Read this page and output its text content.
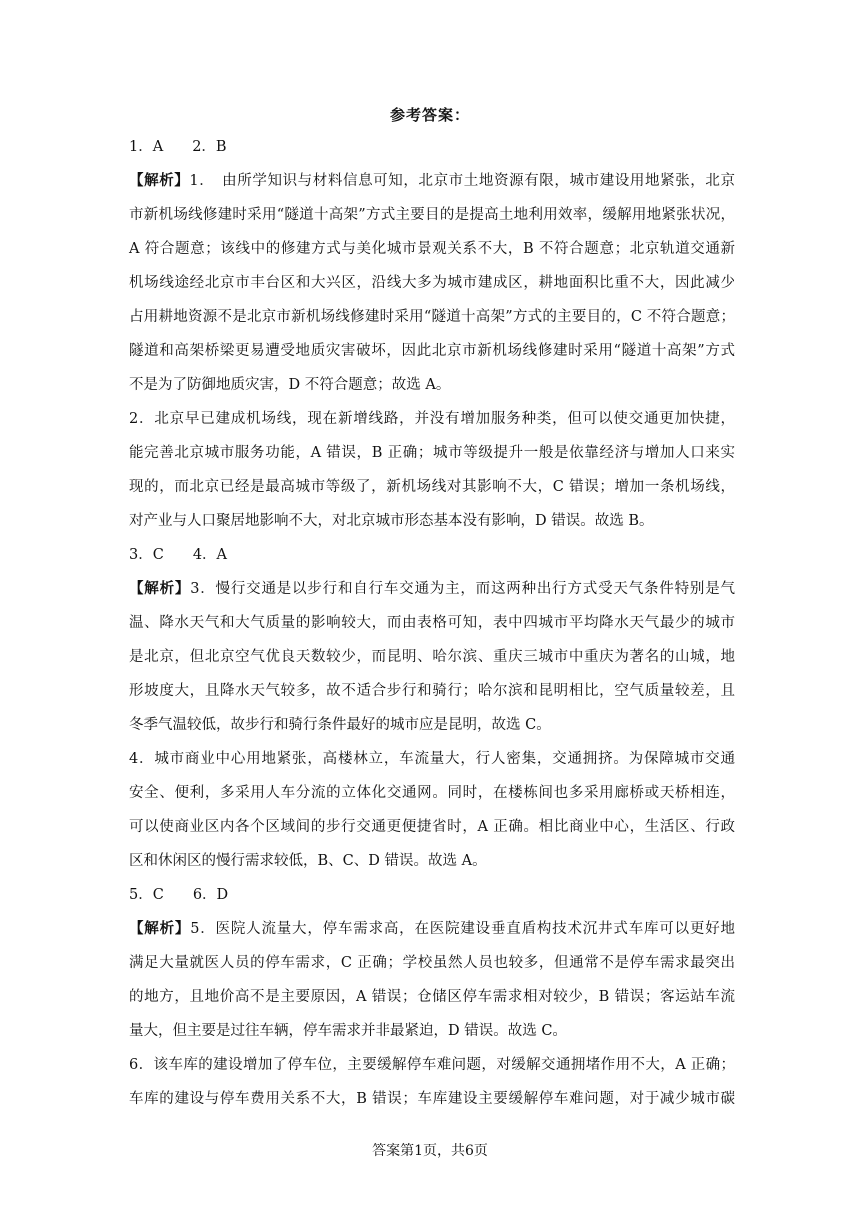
参考答案：
1．A　　2．B
【解析】1．　由所学知识与材料信息可知，北京市土地资源有限，城市建设用地紧张，北京
市新机场线修建时采用“隧道十高架”方式主要目的是提高土地利用效率，缓解用地紧张状况，
A 符合题意；该线中的修建方式与美化城市景观关系不大，B 不符合题意；北京轨道交通新
机场线途经北京市丰台区和大兴区，沿线大多为城市建成区，耕地面积比重不大，因此减少
占用耕地资源不是北京市新机场线修建时采用“隧道十高架”方式的主要目的，C 不符合题意；
隧道和高架桥梁更易遭受地质灾害破坏，因此北京市新机场线修建时采用“隧道十高架”方式
不是为了防御地质灾害，D 不符合题意；故选 A。
2．北京早已建成机场线，现在新增线路，并没有增加服务种类，但可以使交通更加快捷，
能完善北京城市服务功能，A 错误，B 正确；城市等级提升一般是依靠经济与增加人口来实
现的，而北京已经是最高城市等级了，新机场线对其影响不大，C 错误；增加一条机场线，
对产业与人口聚居地影响不大，对北京城市形态基本没有影响，D 错误。故选 B。
3．C　　4．A
【解析】3．慢行交通是以步行和自行车交通为主，而这两种出行方式受天气条件特别是气
温、降水天气和大气质量的影响较大，而由表格可知，表中四城市平均降水天气最少的城市
是北京，但北京空气优良天数较少，而昆明、哈尔滨、重庆三城市中重庆为著名的山城，地
形坡度大，且降水天气较多，故不适合步行和骑行；哈尔滨和昆明相比，空气质量较差，且
冬季气温较低，故步行和骑行条件最好的城市应是昆明，故选 C。
4．城市商业中心用地紧张，高楼林立，车流量大，行人密集，交通拥挤。为保障城市交通
安全、便利，多采用人车分流的立体化交通网。同时，在楼栋间也多采用廊桥或天桥相连，
可以使商业区内各个区域间的步行交通更便捷省时，A 正确。相比商业中心，生活区、行政
区和休闲区的慢行需求较低，B、C、D 错误。故选 A。
5．C　　6．D
【解析】5．医院人流量大，停车需求高，在医院建设垂直盾构技术沉井式车库可以更好地
满足大量就医人员的停车需求，C 正确；学校虽然人员也较多，但通常不是停车需求最突出
的地方，且地价高不是主要原因，A 错误；仓储区停车需求相对较少，B 错误；客运站车流
量大，但主要是过往车辆，停车需求并非最紧迫，D 错误。故选 C。
6．该车库的建设增加了停车位，主要缓解停车难问题，对缓解交通拥堵作用不大，A 正确；
车库的建设与停车费用关系不大，B 错误；车库建设主要缓解停车难问题，对于减少城市碳
答案第1页，共6页
